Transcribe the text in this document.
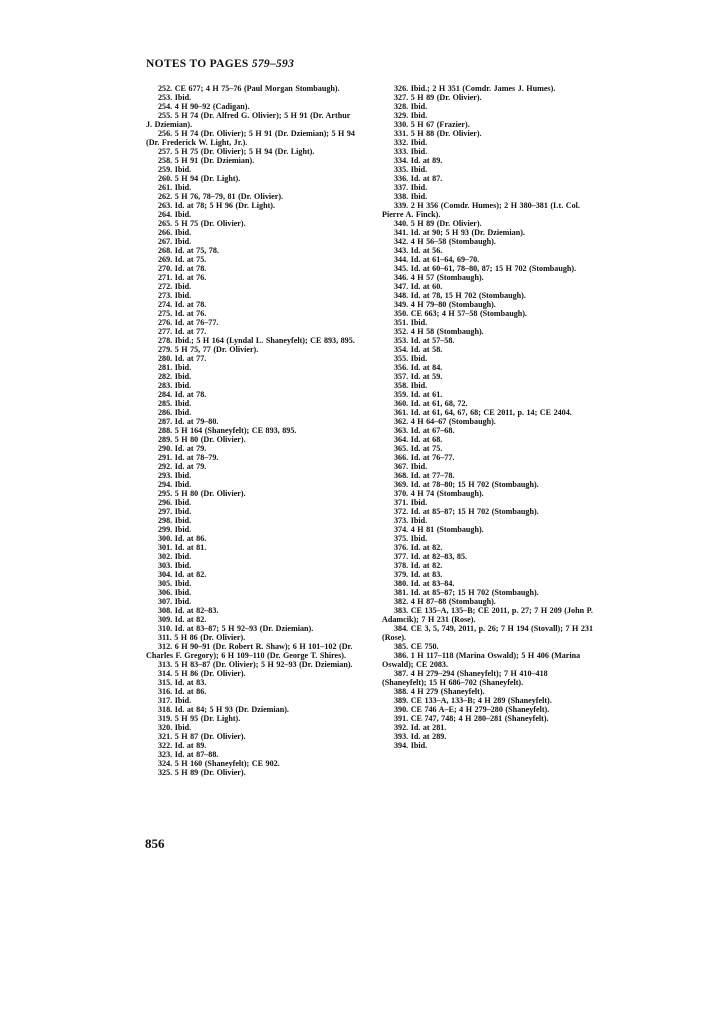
NOTES TO PAGES 579–593

252. CE 677; 4 H 75–76 (Paul Morgan Stombaugh).

253. Ibid.

254. 4 H 90–92 (Cadigan).

255. 5 H 74 (Dr. Alfred G. Olivier); 5 H 91 (Dr. Arthur J. Dziemian).

256. 5 H 74 (Dr. Olivier); 5 H 91 (Dr. Dziemian); 5 H 94 (Dr. Frederick W. Light, Jr.).

257. 5 H 75 (Dr. Olivier); 5 H 94 (Dr. Light).

258. 5 H 91 (Dr. Dziemian).

259. Ibid.

260. 5 H 94 (Dr. Light).

261. Ibid.

262. 5 H 76, 78–79, 81 (Dr. Olivier).

263. Id. at 78; 5 H 96 (Dr. Light).

264. Ibid.

265. 5 H 75 (Dr. Olivier).

266. Ibid.

267. Ibid.

268. Id. at 75, 78.

269. Id. at 75.

270. Id. at 78.

271. Id. at 76.

272. Ibid.

273. Ibid.

274. Id. at 78.

275. Id. at 76.

276. Id. at 76–77.

277. Id. at 77.

278. Ibid.; 5 H 164 (Lyndal L. Shaneyfelt); CE 893, 895.

279. 5 H 75, 77 (Dr. Olivier).

280. Id. at 77.

281. Ibid.

282. Ibid.

283. Ibid.

284. Id. at 78.

285. Ibid.

286. Ibid.

287. Id. at 79–80.

288. 5 H 164 (Shaneyfelt); CE 893, 895.

289. 5 H 80 (Dr. Olivier).

290. Id. at 79.

291. Id. at 78–79.

292. Id. at 79.

293. Ibid.

294. Ibid.

295. 5 H 80 (Dr. Olivier).

296. Ibid.

297. Ibid.

298. Ibid.

299. Ibid.

300. Id. at 86.

301. Id. at 81.

302. Ibid.

303. Ibid.

304. Id. at 82.

305. Ibid.

306. Ibid.

307. Ibid.

308. Id. at 82–83.

309. Id. at 82.

310. Id. at 83–87; 5 H 92–93 (Dr. Dziemian).

311. 5 H 86 (Dr. Olivier).

312. 6 H 90–91 (Dr. Robert R. Shaw); 6 H 101–102 (Dr. Charles F. Gregory); 6 H 109–110 (Dr. George T. Shires).

313. 5 H 83–87 (Dr. Olivier); 5 H 92–93 (Dr. Dziemian).

314. 5 H 86 (Dr. Olivier).

315. Id. at 83.

316. Id. at 86.

317. Ibid.

318. Id. at 84; 5 H 93 (Dr. Dziemian).

319. 5 H 95 (Dr. Light).

320. Ibid.

321. 5 H 87 (Dr. Olivier).

322. Id. at 89.

323. Id. at 87–88.

324. 5 H 160 (Shaneyfelt); CE 902.

325. 5 H 89 (Dr. Olivier).

326. Ibid.; 2 H 351 (Comdr. James J. Humes).

327. 5 H 89 (Dr. Olivier).

328. Ibid.

329. Ibid.

330. 5 H 67 (Frazier).

331. 5 H 88 (Dr. Olivier).

332. Ibid.

333. Ibid.

334. Id. at 89.

335. Ibid.

336. Id. at 87.

337. Ibid.

338. Ibid.

339. 2 H 356 (Comdr. Humes); 2 H 380–381 (Lt. Col. Pierre A. Finck).

340. 5 H 89 (Dr. Olivier).

341. Id. at 90; 5 H 93 (Dr. Dziemian).

342. 4 H 56–58 (Stombaugh).

343. Id. at 56.

344. Id. at 61–64, 69–70.

345. Id. at 60–61, 78–80, 87; 15 H 702 (Stombaugh).

346. 4 H 57 (Stombaugh).

347. Id. at 60.

348. Id. at 78, 15 H 702 (Stombaugh).

349. 4 H 79–80 (Stombaugh).

350. CE 663; 4 H 57–58 (Stombaugh).

351. Ibid.

352. 4 H 58 (Stombaugh).

353. Id. at 57–58.

354. Id. at 58.

355. Ibid.

356. Id. at 84.

357. Id. at 59.

358. Ibid.

359. Id. at 61.

360. Id. at 61, 68, 72.

361. Id. at 61, 64, 67, 68; CE 2011, p. 14; CE 2404.

362. 4 H 64–67 (Stombaugh).

363. Id. at 67–68.

364. Id. at 68.

365. Id. at 75.

366. Id. at 76–77.

367. Ibid.

368. Id. at 77–78.

369. Id. at 78–80; 15 H 702 (Stombaugh).

370. 4 H 74 (Stombaugh).

371. Ibid.

372. Id. at 85–87; 15 H 702 (Stombaugh).

373. Ibid.

374. 4 H 81 (Stombaugh).

375. Ibid.

376. Id. at 82.

377. Id. at 82–83, 85.

378. Id. at 82.

379. Id. at 83.

380. Id. at 83–84.

381. Id. at 85–87; 15 H 702 (Stombaugh).

382. 4 H 87–88 (Stombaugh).

383. CE 135–A, 135–B; CE 2011, p. 27; 7 H 209 (John P. Adamcik); 7 H 231 (Rose).

384. CE 3, 5, 749, 2011, p. 26; 7 H 194 (Stovall); 7 H 231 (Rose).

385. CE 750.

386. 1 H 117–118 (Marina Oswald); 5 H 406 (Marina Oswald); CE 2083.

387. 4 H 279–294 (Shaneyfelt); 7 H 410–418 (Shaneyfelt); 15 H 686–702 (Shaneyfelt).

388. 4 H 279 (Shaneyfelt).

389. CE 133–A, 133–B; 4 H 289 (Shaneyfelt).

390. CE 746 A–E; 4 H 279–280 (Shaneyfelt).

391. CE 747, 748; 4 H 280–281 (Shaneyfelt).

392. Id. at 281.

393. Id. at 289.

394. Ibid.

856
